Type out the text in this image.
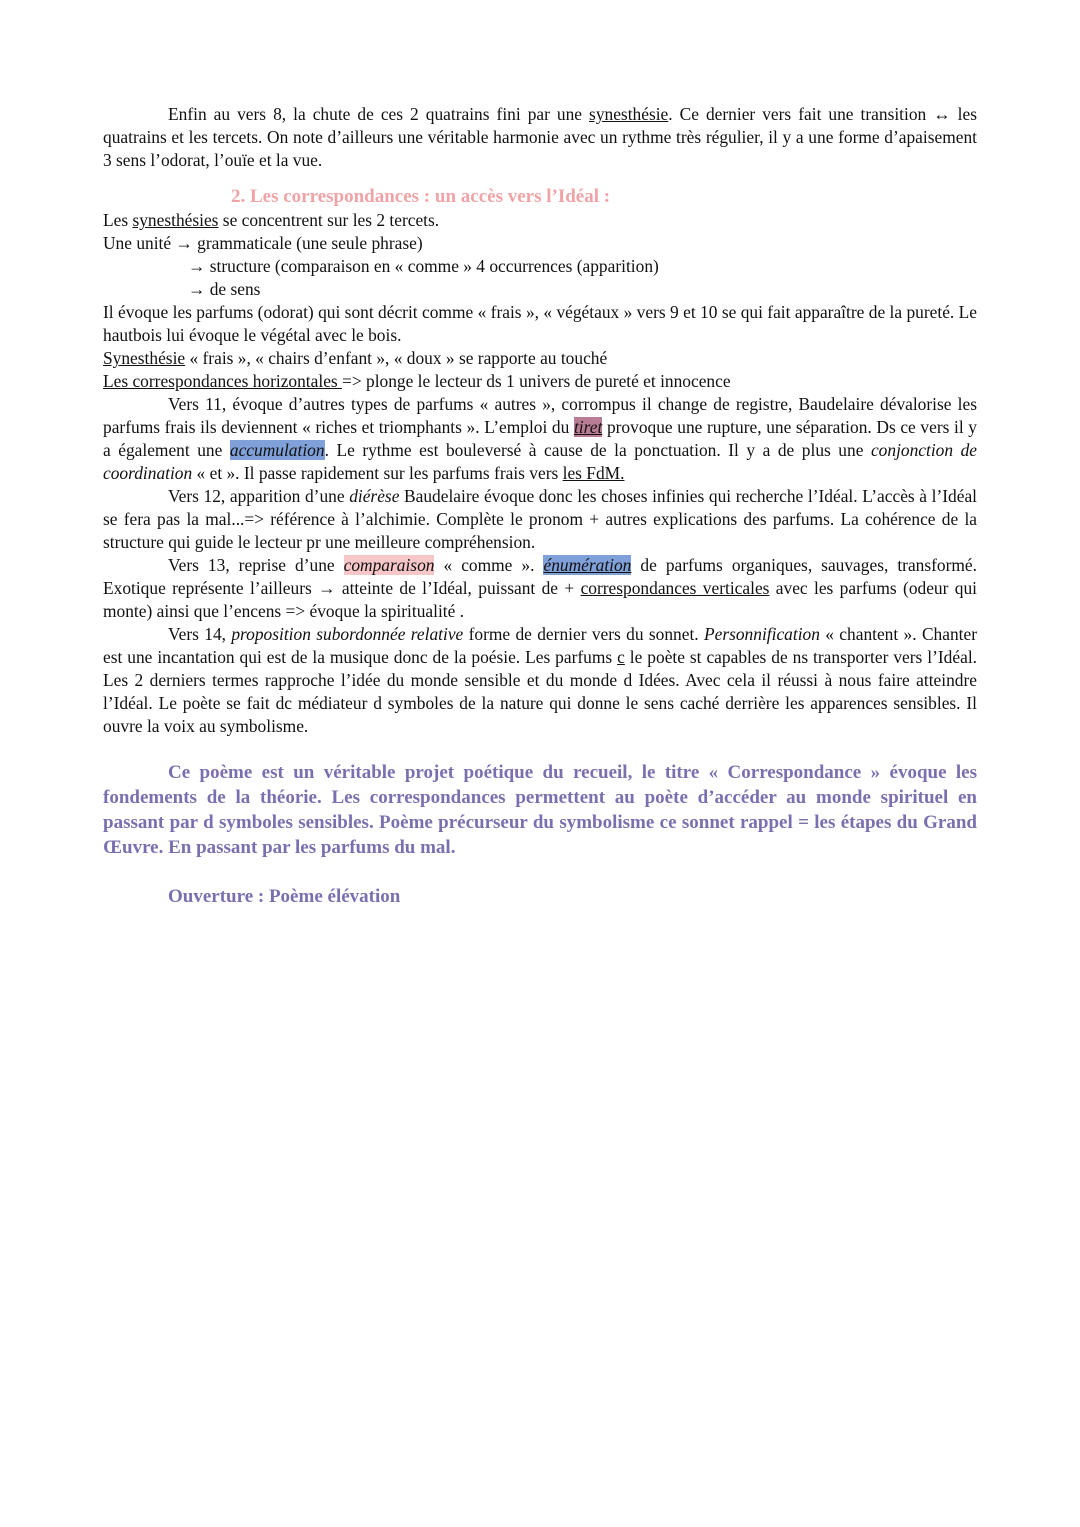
Enfin au vers 8, la chute de ces 2 quatrains fini par une synesthésie. Ce dernier vers fait une transition ↔ les quatrains et les tercets. On note d’ailleurs une véritable harmonie avec un rythme très régulier, il y a une forme d’apaisement 3 sens l’odorat, l’ouïe et la vue.

2. Les correspondances : un accès vers l’Idéal :

Les synesthésies se concentrent sur les 2 tercets.

Une unité → grammaticale (une seule phrase)

→ structure (comparaison en « comme » 4 occurrences (apparition)

→ de sens

Il évoque les parfums (odorat) qui sont décrit comme « frais », « végétaux » vers 9 et 10 se qui fait apparaître de la pureté. Le hautbois lui évoque le végétal avec le bois.

Synesthésie « frais », « chairs d’enfant », « doux » se rapporte au touché

Les correspondances horizontales => plonge le lecteur ds 1 univers de pureté et innocence

Vers 11, évoque d’autres types de parfums « autres », corrompus il change de registre, Baudelaire dévalorise les parfums frais ils deviennent « riches et triomphants ». L’emploi du tiret provoque une rupture, une séparation. Ds ce vers il y a également une accumulation. Le rythme est bouleversé à cause de la ponctuation. Il y a de plus une conjonction de coordination « et ». Il passe rapidement sur les parfums frais vers les FdM.

Vers 12, apparition d’une diérèse Baudelaire évoque donc les choses infinies qui recherche l’Idéal. L’accès à l’Idéal se fera pas la mal...=> référence à l’alchimie. Complète le pronom + autres explications des parfums. La cohérence de la structure qui guide le lecteur pr une meilleure compréhension.

Vers 13, reprise d’une comparaison « comme ». énumération de parfums organiques, sauvages, transformé. Exotique représente l’ailleurs → atteinte de l’Idéal, puissant de + correspondances verticales avec les parfums (odeur qui monte) ainsi que l’encens => évoque la spiritualité .

Vers 14, proposition subordonnée relative forme de dernier vers du sonnet. Personnification « chantent ». Chanter est une incantation qui est de la musique donc de la poésie. Les parfums c le poète st capables de ns transporter vers l’Idéal. Les 2 derniers termes rapproche l’idée du monde sensible et du monde d Idées. Avec cela il réussi à nous faire atteindre l’Idéal. Le poète se fait dc médiateur d symboles de la nature qui donne le sens caché derrière les apparences sensibles. Il ouvre la voix au symbolisme.

Ce poème est un véritable projet poétique du recueil, le titre « Correspondance » évoque les fondements de la théorie. Les correspondances permettent au poète d’accéder au monde spirituel en passant par d symboles sensibles. Poème précurseur du symbolisme ce sonnet rappel = les étapes du Grand Œuvre. En passant par les parfums du mal.

Ouverture : Poème élévation
